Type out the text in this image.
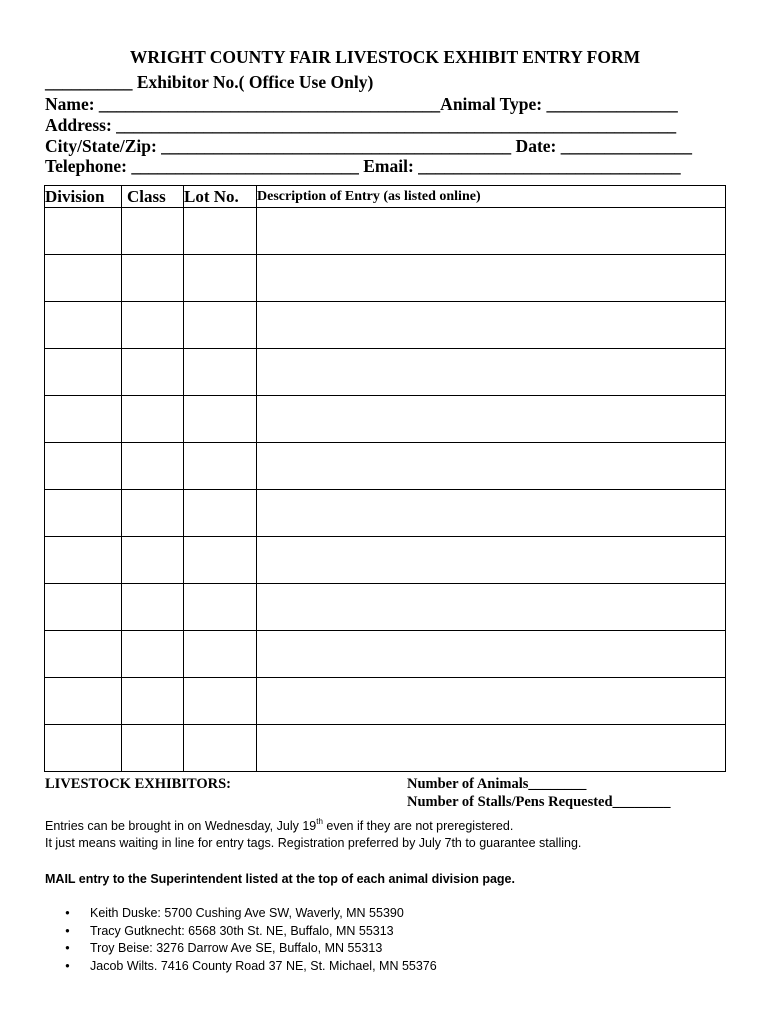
WRIGHT COUNTY FAIR LIVESTOCK EXHIBIT ENTRY FORM
__________ Exhibitor No.( Office Use Only)
Name: _______________________________________Animal Type: _______________
Address: ________________________________________________________________
City/State/Zip: ________________________________________ Date: _______________
Telephone: __________________________ Email: ______________________________
Division	Class	Lot No.	Description of Entry (as listed online)

LIVESTOCK EXHIBITORS:	Number of Animals________
Number of Stalls/Pens Requested________
Entries can be brought in on Wednesday, July 19th even if they are not preregistered.
It just means waiting in line for entry tags. Registration preferred by July 7th to guarantee stalling.
MAIL entry to the Superintendent listed at the top of each animal division page.
• Keith Duske: 5700 Cushing Ave SW, Waverly, MN 55390
• Tracy Gutknecht: 6568 30th St. NE, Buffalo, MN 55313
• Troy Beise: 3276 Darrow Ave SE, Buffalo, MN 55313
• Jacob Wilts. 7416 County Road 37 NE, St. Michael, MN 55376
